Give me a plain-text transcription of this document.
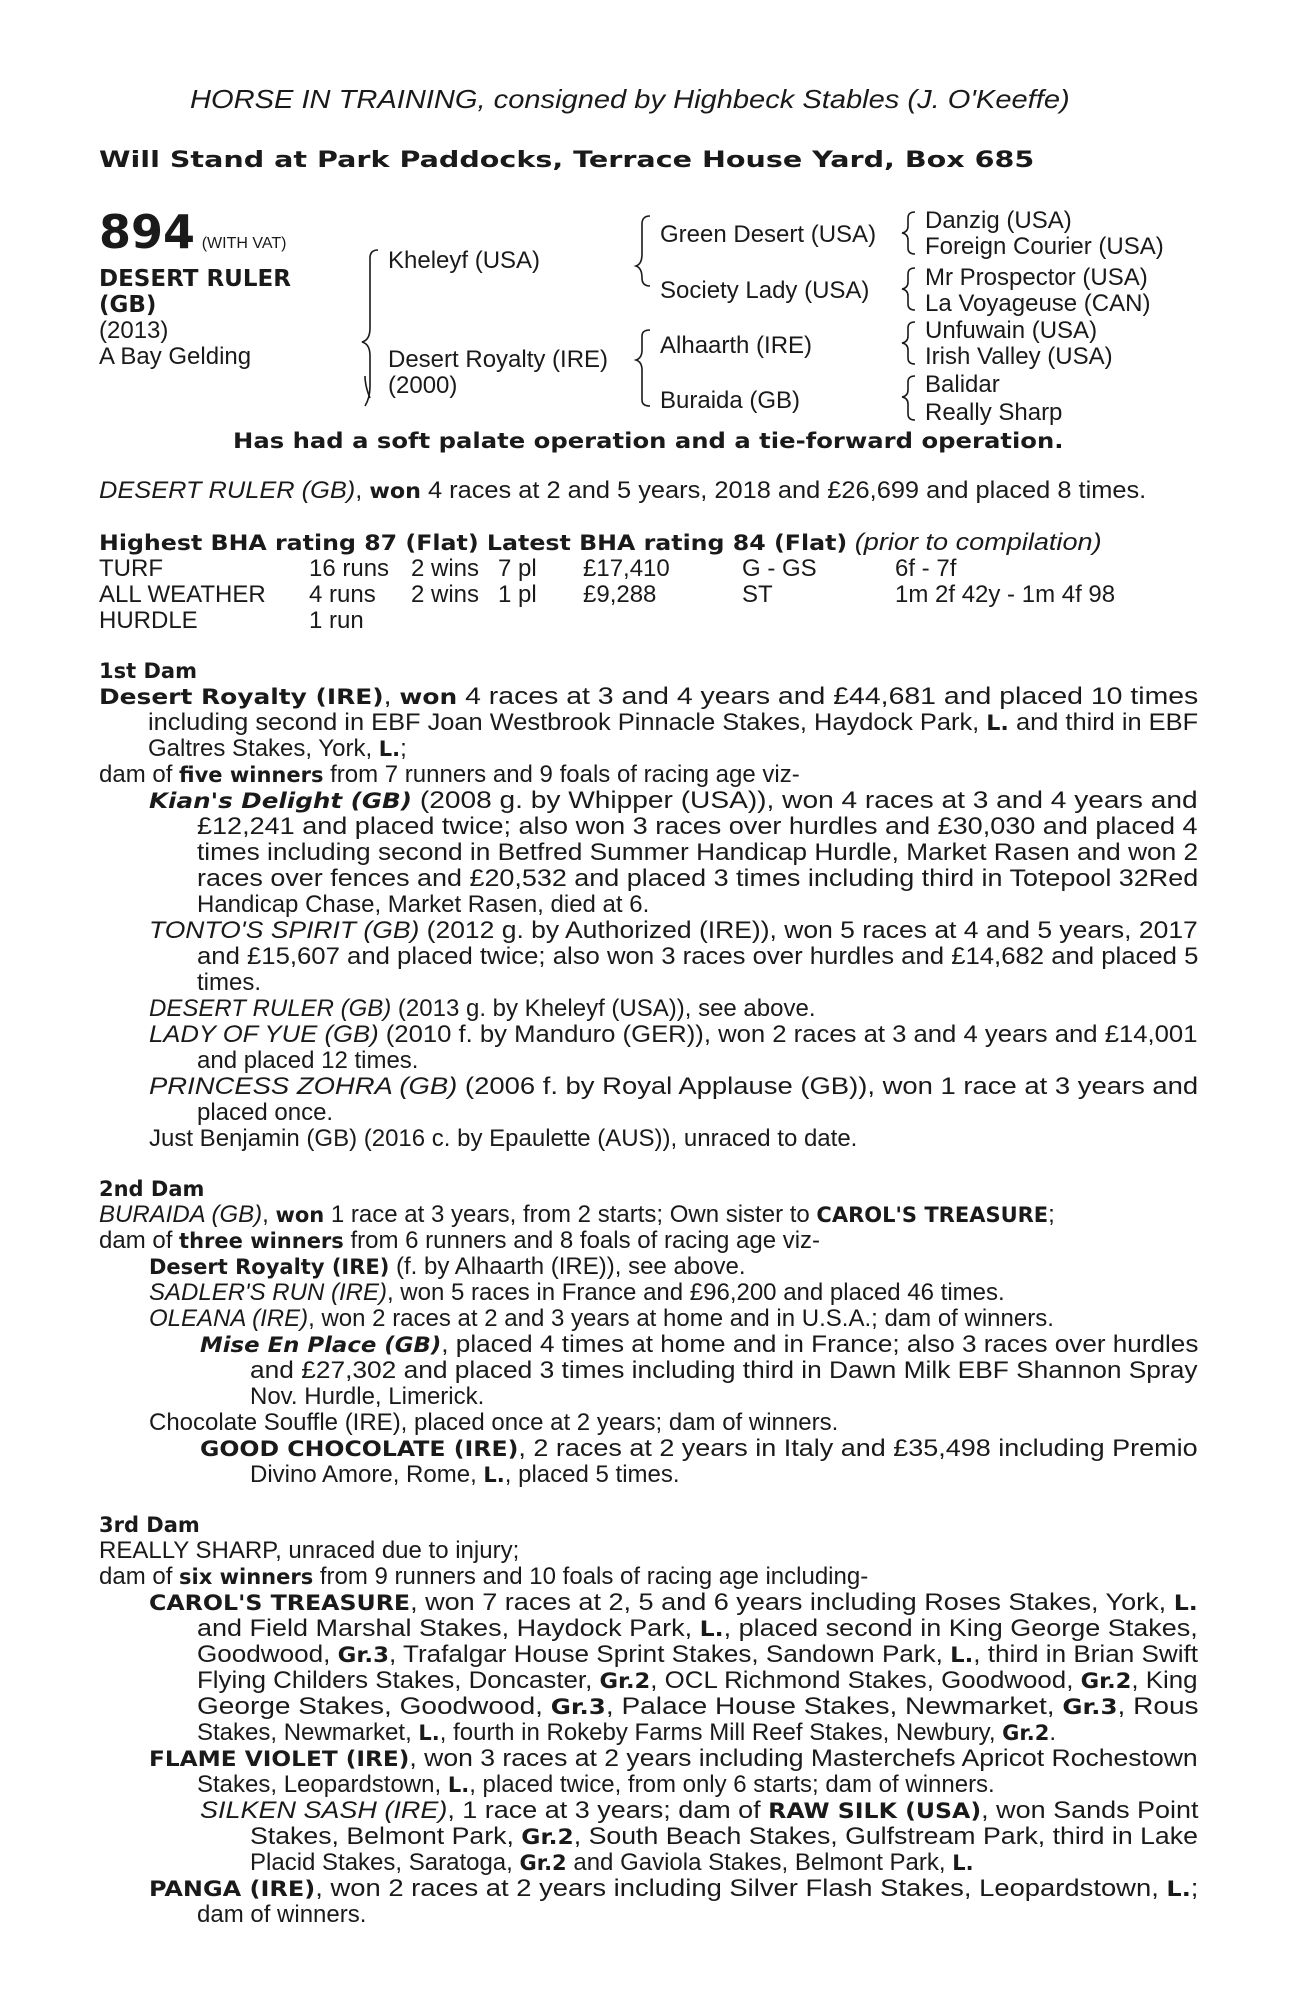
HORSE IN TRAINING, consigned by Highbeck Stables (J. O'Keeffe)
Will Stand at Park Paddocks, Terrace House Yard, Box 685
894 (WITH VAT)
DESERT RULER
(GB)
(2013)
A Bay Gelding
Kheleyf (USA)
Desert Royalty (IRE)
(2000)
Green Desert (USA)
Society Lady (USA)
Alhaarth (IRE)
Buraida (GB)
Danzig (USA)
Foreign Courier (USA)
Mr Prospector (USA)
La Voyageuse (CAN)
Unfuwain (USA)
Irish Valley (USA)
Balidar
Really Sharp
Has had a soft palate operation and a tie-forward operation.
DESERT RULER (GB), won 4 races at 2 and 5 years, 2018 and £26,699 and placed 8 times.
Highest BHA rating 87 (Flat) Latest BHA rating 84 (Flat) (prior to compilation)
TURF	16 runs 2 wins 7 pl £17,410	G - GS	6f - 7f
ALL WEATHER 4 runs 2 wins 1 pl £9,288	ST	1m 2f 42y - 1m 4f 98
HURDLE	1 run
1st Dam
Desert Royalty (IRE), won 4 races at 3 and 4 years and £44,681 and placed 10 times
including second in EBF Joan Westbrook Pinnacle Stakes, Haydock Park, L. and third in EBF
Galtres Stakes, York, L.;
dam of five winners from 7 runners and 9 foals of racing age viz-
Kian's Delight (GB) (2008 g. by Whipper (USA)), won 4 races at 3 and 4 years and
£12,241 and placed twice; also won 3 races over hurdles and £30,030 and placed 4
times including second in Betfred Summer Handicap Hurdle, Market Rasen and won 2
races over fences and £20,532 and placed 3 times including third in Totepool 32Red
Handicap Chase, Market Rasen, died at 6.
TONTO'S SPIRIT (GB) (2012 g. by Authorized (IRE)), won 5 races at 4 and 5 years, 2017
and £15,607 and placed twice; also won 3 races over hurdles and £14,682 and placed 5
times.
DESERT RULER (GB) (2013 g. by Kheleyf (USA)), see above.
LADY OF YUE (GB) (2010 f. by Manduro (GER)), won 2 races at 3 and 4 years and £14,001
and placed 12 times.
PRINCESS ZOHRA (GB) (2006 f. by Royal Applause (GB)), won 1 race at 3 years and
placed once.
Just Benjamin (GB) (2016 c. by Epaulette (AUS)), unraced to date.
2nd Dam
BURAIDA (GB), won 1 race at 3 years, from 2 starts; Own sister to CAROL'S TREASURE;
dam of three winners from 6 runners and 8 foals of racing age viz-
Desert Royalty (IRE) (f. by Alhaarth (IRE)), see above.
SADLER'S RUN (IRE), won 5 races in France and £96,200 and placed 46 times.
OLEANA (IRE), won 2 races at 2 and 3 years at home and in U.S.A.; dam of winners.
Mise En Place (GB), placed 4 times at home and in France; also 3 races over hurdles
and £27,302 and placed 3 times including third in Dawn Milk EBF Shannon Spray
Nov. Hurdle, Limerick.
Chocolate Souffle (IRE), placed once at 2 years; dam of winners.
GOOD CHOCOLATE (IRE), 2 races at 2 years in Italy and £35,498 including Premio
Divino Amore, Rome, L., placed 5 times.
3rd Dam
REALLY SHARP, unraced due to injury;
dam of six winners from 9 runners and 10 foals of racing age including-
CAROL'S TREASURE, won 7 races at 2, 5 and 6 years including Roses Stakes, York, L.
and Field Marshal Stakes, Haydock Park, L., placed second in King George Stakes,
Goodwood, Gr.3, Trafalgar House Sprint Stakes, Sandown Park, L., third in Brian Swift
Flying Childers Stakes, Doncaster, Gr.2, OCL Richmond Stakes, Goodwood, Gr.2, King
George Stakes, Goodwood, Gr.3, Palace House Stakes, Newmarket, Gr.3, Rous
Stakes, Newmarket, L., fourth in Rokeby Farms Mill Reef Stakes, Newbury, Gr.2.
FLAME VIOLET (IRE), won 3 races at 2 years including Masterchefs Apricot Rochestown
Stakes, Leopardstown, L., placed twice, from only 6 starts; dam of winners.
SILKEN SASH (IRE), 1 race at 3 years; dam of RAW SILK (USA), won Sands Point
Stakes, Belmont Park, Gr.2, South Beach Stakes, Gulfstream Park, third in Lake
Placid Stakes, Saratoga, Gr.2 and Gaviola Stakes, Belmont Park, L.
PANGA (IRE), won 2 races at 2 years including Silver Flash Stakes, Leopardstown, L.;
dam of winners.
